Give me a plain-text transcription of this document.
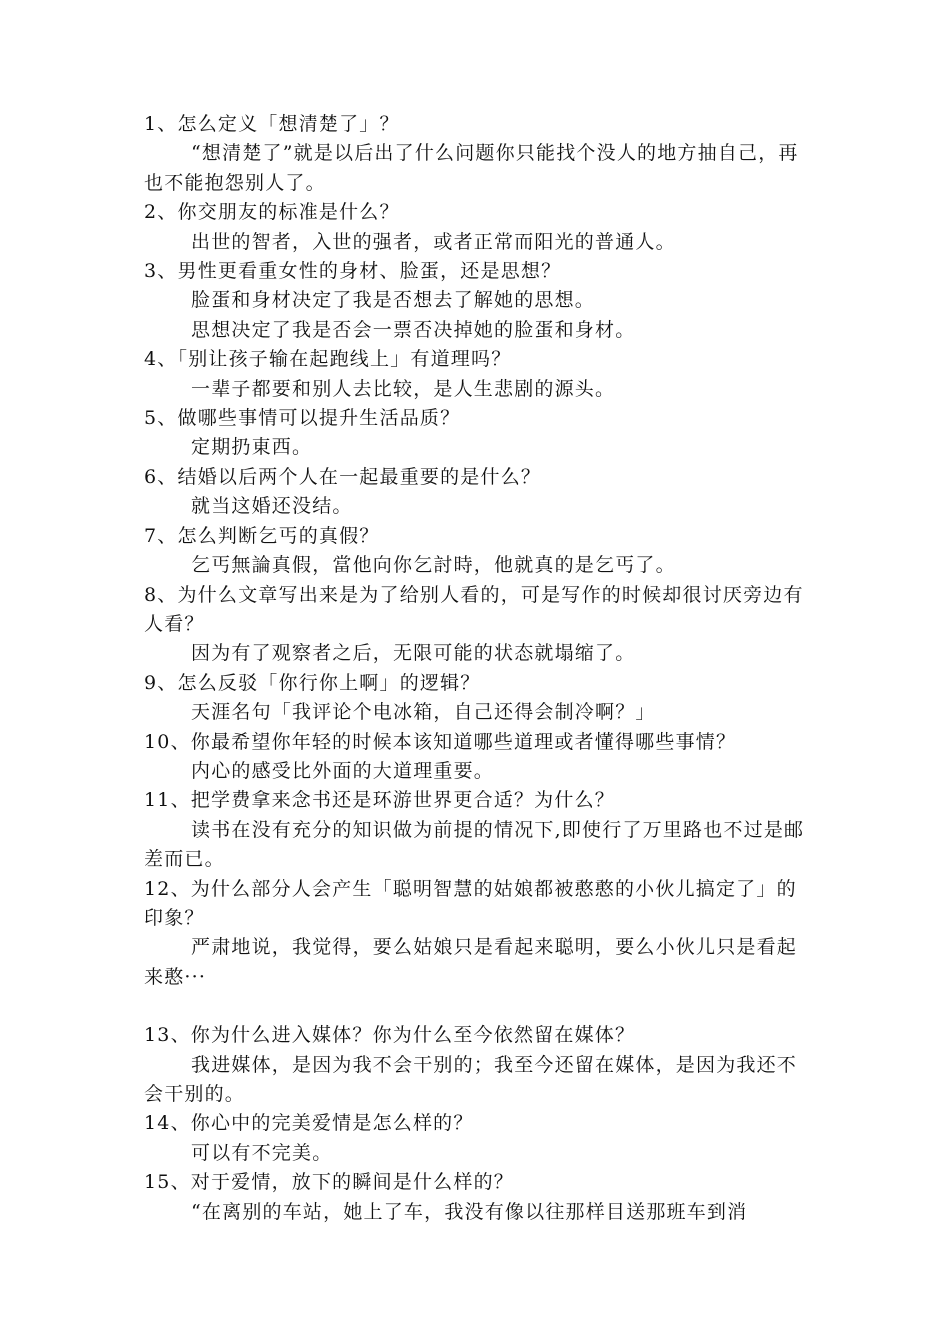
1、怎么定义「想清楚了」？

“想清楚了”就是以后出了什么问题你只能找个没人的地方抽自己，再也不能抱怨别人了。

2、你交朋友的标准是什么？

出世的智者，入世的强者，或者正常而阳光的普通人。

3、男性更看重女性的身材、脸蛋，还是思想？

脸蛋和身材决定了我是否想去了解她的思想。

思想决定了我是否会一票否决掉她的脸蛋和身材。

4、「别让孩子输在起跑线上」有道理吗？

一辈子都要和别人去比较，是人生悲剧的源头。

5、做哪些事情可以提升生活品质？

定期扔東西。

6、结婚以后两个人在一起最重要的是什么？

就当这婚还没结。

7、怎么判断乞丐的真假？

乞丐無論真假，當他向你乞討時，他就真的是乞丐了。

8、为什么文章写出来是为了给别人看的，可是写作的时候却很讨厌旁边有人看？

因为有了观察者之后，无限可能的状态就塌缩了。

9、怎么反驳「你行你上啊」的逻辑？

天涯名句「我评论个电冰箱，自己还得会制冷啊？」

10、你最希望你年轻的时候本该知道哪些道理或者懂得哪些事情？

内心的感受比外面的大道理重要。

11、把学费拿来念书还是环游世界更合适？为什么？

读书在没有充分的知识做为前提的情况下,即使行了万里路也不过是邮差而已。

12、为什么部分人会产生「聪明智慧的姑娘都被憨憨的小伙儿搞定了」的印象？

严肃地说，我觉得，要么姑娘只是看起来聪明，要么小伙儿只是看起来憨···

13、你为什么进入媒体？你为什么至今依然留在媒体？

我进媒体，是因为我不会干别的；我至今还留在媒体，是因为我还不会干别的。

14、你心中的完美爱情是怎么样的？

可以有不完美。

15、对于爱情，放下的瞬间是什么样的？

“在离别的车站，她上了车，我没有像以往那样目送那班车到消
